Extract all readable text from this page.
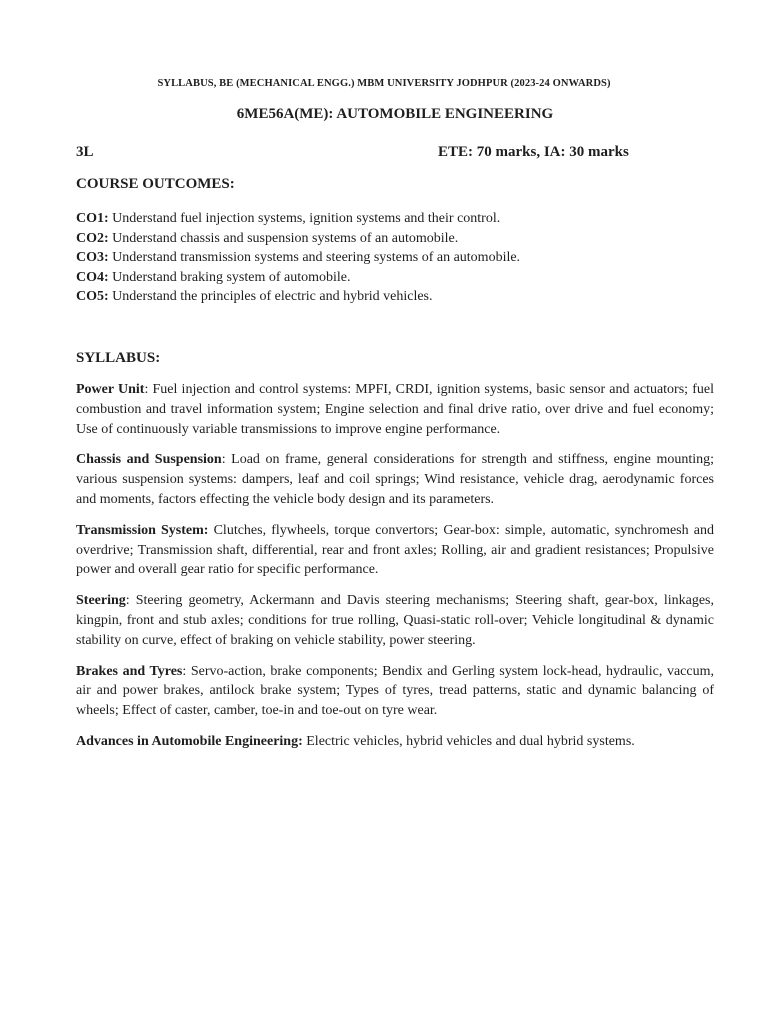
SYLLABUS, BE (MECHANICAL ENGG.) MBM UNIVERSITY JODHPUR (2023-24 ONWARDS)
6ME56A(ME): AUTOMOBILE ENGINEERING
3L	ETE: 70 marks, IA: 30 marks
COURSE OUTCOMES:
CO1: Understand fuel injection systems, ignition systems and their control.
CO2: Understand chassis and suspension systems of an automobile.
CO3: Understand transmission systems and steering systems of an automobile.
CO4: Understand braking system of automobile.
CO5: Understand the principles of electric and hybrid vehicles.
SYLLABUS:

Power Unit: Fuel injection and control systems: MPFI, CRDI, ignition systems, basic sensor and actuators; fuel combustion and travel information system; Engine selection and final drive ratio, over drive and fuel economy; Use of continuously variable transmissions to improve engine performance.

Chassis and Suspension: Load on frame, general considerations for strength and stiffness, engine mounting; various suspension systems: dampers, leaf and coil springs; Wind resistance, vehicle drag, aerodynamic forces and moments, factors effecting the vehicle body design and its parameters.

Transmission System: Clutches, flywheels, torque convertors; Gear-box: simple, automatic, synchromesh and overdrive; Transmission shaft, differential, rear and front axles; Rolling, air and gradient resistances; Propulsive power and overall gear ratio for specific performance.

Steering: Steering geometry, Ackermann and Davis steering mechanisms; Steering shaft, gear-box, linkages, kingpin, front and stub axles; conditions for true rolling, Quasi-static roll-over; Vehicle longitudinal & dynamic stability on curve, effect of braking on vehicle stability, power steering.

Brakes and Tyres: Servo-action, brake components; Bendix and Gerling system lock-head, hydraulic, vaccum, air and power brakes, antilock brake system; Types of tyres, tread patterns, static and dynamic balancing of wheels; Effect of caster, camber, toe-in and toe-out on tyre wear.

Advances in Automobile Engineering: Electric vehicles, hybrid vehicles and dual hybrid systems.
